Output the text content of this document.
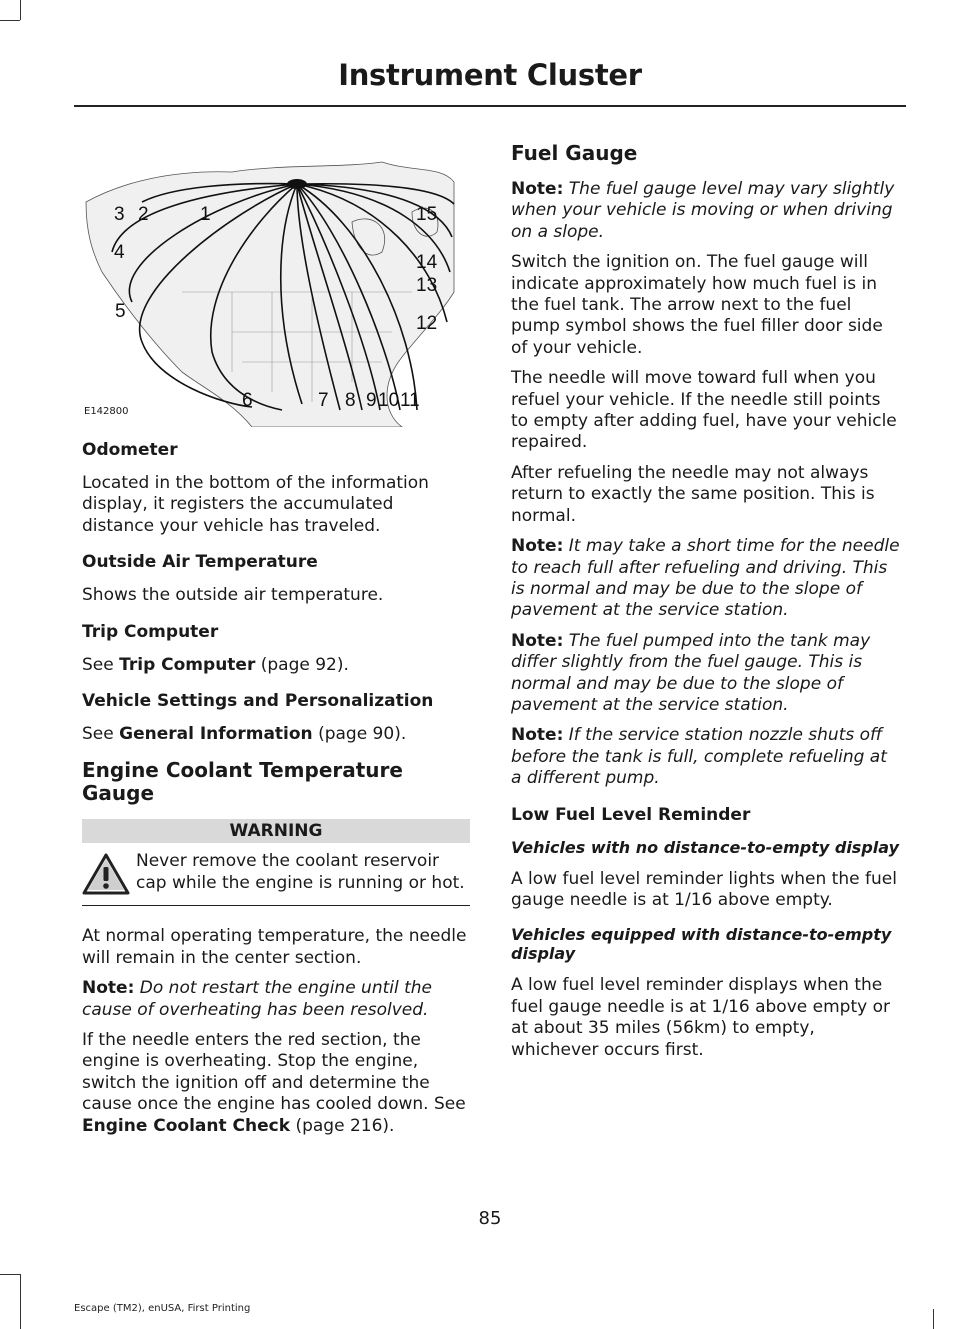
Instrument Cluster
1
2
3
4
5
6	7 8 9 10 11
12
13
14
15
E142800
Odometer

Located in the bottom of the information display, it registers the accumulated distance your vehicle has traveled.

Outside Air Temperature

Shows the outside air temperature.

Trip Computer

See Trip Computer (page 92).

Vehicle Settings and Personalization

See General Information (page 90).

Engine Coolant Temperature Gauge
WARNING

Never remove the coolant reservoir cap while the engine is running or hot.

At normal operating temperature, the needle will remain in the center section.

Note: Do not restart the engine until the cause of overheating has been resolved.

If the needle enters the red section, the engine is overheating. Stop the engine, switch the ignition off and determine the cause once the engine has cooled down. See Engine Coolant Check (page 216).

Fuel Gauge

Note: The fuel gauge level may vary slightly when your vehicle is moving or when driving on a slope.

Switch the ignition on. The fuel gauge will indicate approximately how much fuel is in the fuel tank. The arrow next to the fuel pump symbol shows the fuel filler door side of your vehicle.

The needle will move toward full when you refuel your vehicle. If the needle still points to empty after adding fuel, have your vehicle repaired.

After refueling the needle may not always return to exactly the same position. This is normal.

Note: It may take a short time for the needle to reach full after refueling and driving. This is normal and may be due to the slope of pavement at the service station.

Note: The fuel pumped into the tank may differ slightly from the fuel gauge. This is normal and may be due to the slope of pavement at the service station.

Note: If the service station nozzle shuts off before the tank is full, complete refueling at a different pump.

Low Fuel Level Reminder
Vehicles with no distance-to-empty display

A low fuel level reminder lights when the fuel gauge needle is at 1/16 above empty.

Vehicles equipped with distance-to-empty display

A low fuel level reminder displays when the fuel gauge needle is at 1/16 above empty or at about 35 miles (56km) to empty, whichever occurs first.

85
Escape (TM2), enUSA, First Printing
